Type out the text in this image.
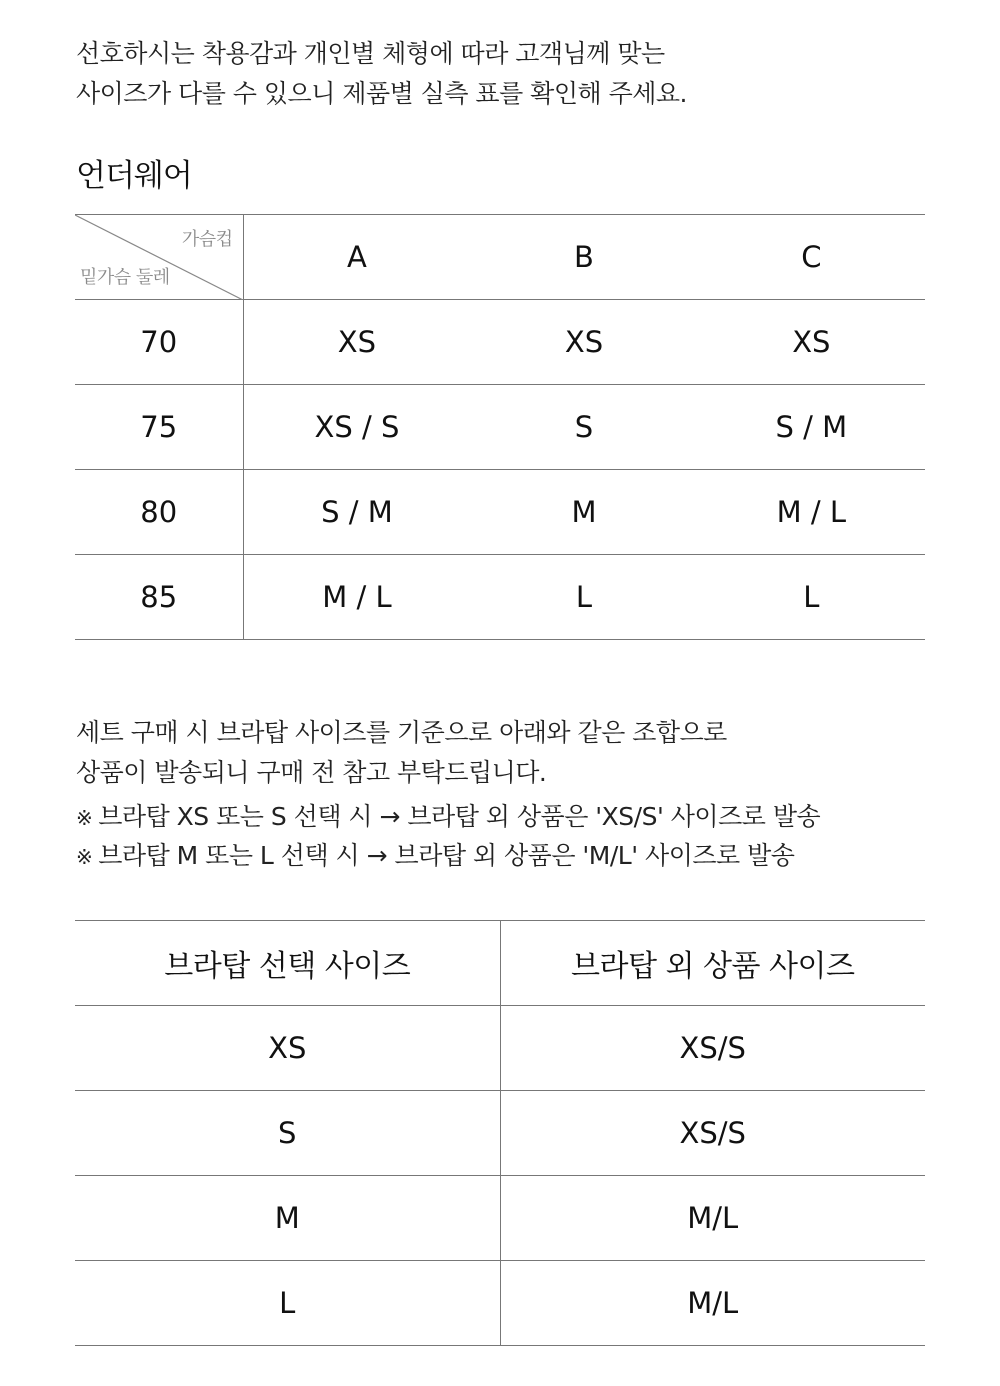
선호하시는 착용감과 개인별 체형에 따라 고객님께 맞는
사이즈가 다를 수 있으니 제품별 실측 표를 확인해 주세요.
언더웨어
가슴컵
밑가슴 둘레	A	B	C
70	XS	XS	XS
75	XS / S	S	S / M
80	S / M	M	M / L
85	M / L	L	L
세트 구매 시 브라탑 사이즈를 기준으로 아래와 같은 조합으로
상품이 발송되니 구매 전 참고 부탁드립니다.
※ 브라탑 XS 또는 S 선택 시 → 브라탑 외 상품은 'XS/S' 사이즈로 발송
※ 브라탑 M 또는 L 선택 시 → 브라탑 외 상품은 'M/L' 사이즈로 발송
브라탑 선택 사이즈	브라탑 외 상품 사이즈
XS	XS/S
S	XS/S
M	M/L
L	M/L
